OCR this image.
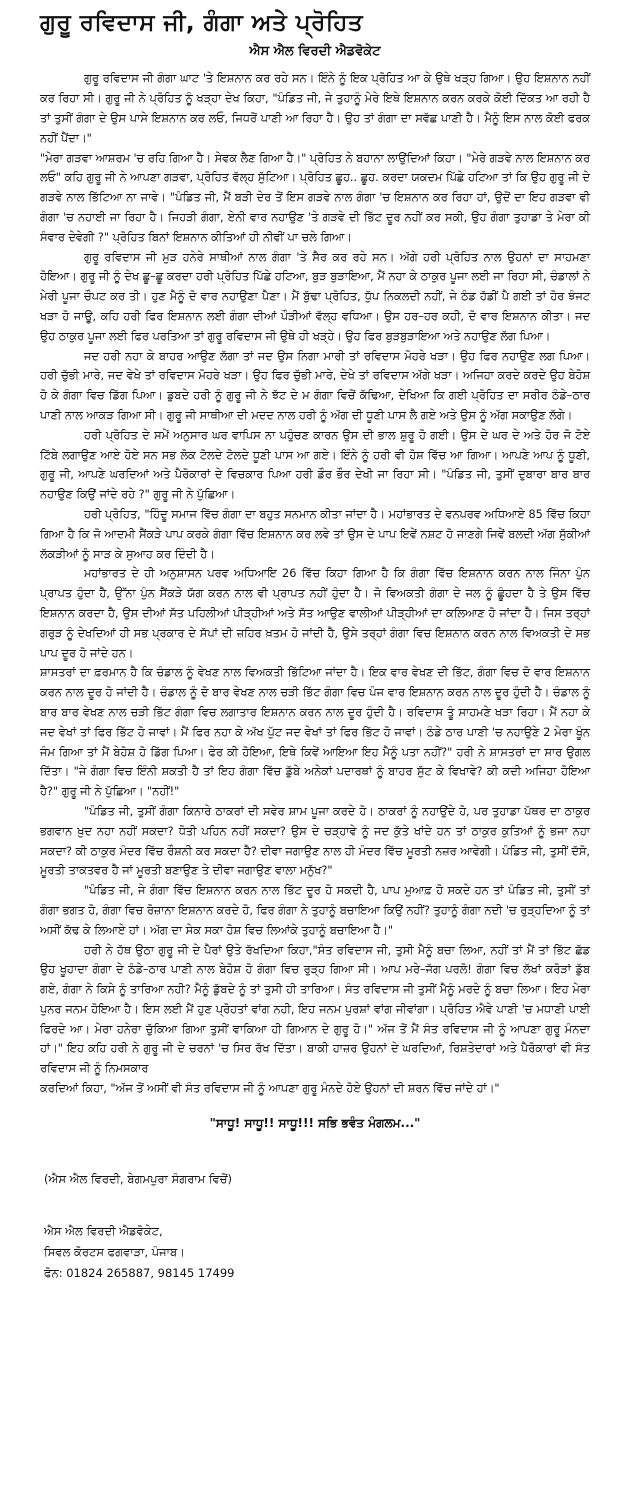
ਗੁਰੂ ਰਵਿਦਾਸ ਜੀ, ਗੰਗਾ ਅਤੇ ਪ੍ਰੋਹਿਤ
ਐਸ ਐਲ ਵਿਰਦੀ ਐਡਵੋਕੇਟ

ਗੁਰੂ ਰਵਿਦਾਸ ਜੀ ਗੰਗਾ ਘਾਟ 'ਤੇ ਇਸ਼ਨਾਨ ਕਰ ਰਹੇ ਸਨ। ਇੰਨੇ ਨੂੰ ਇਕ ਪ੍ਰੋਹਿਤ ਆ ਕੇ ਉਥੇ ਖੜ੍ਹ ਗਿਆ। ਉਹ ਇਸ਼ਨਾਨ ਨਹੀਂ ਕਰ ਰਿਹਾ ਸੀ। ਗੁਰੂ ਜੀ ਨੇ ਪ੍ਰੋਹਿਤ ਨੂੰ ਖੜ੍ਹਾ ਦੇਖ ਕਿਹਾ, "ਪੰਡਿਤ ਜੀ, ਜੇ ਤੁਹਾਨੂੰ ਮੇਰੇ ਇਥੇ ਇਸ਼ਨਾਨ ਕਰਨ ਕਰਕੇ ਕੋਈ ਦਿੱਕਤ ਆ ਰਹੀ ਹੈ ਤਾਂ ਤੁਸੀਂ ਗੰਗਾ ਦੇ ਉਸ ਪਾਸੇ ਇਸ਼ਨਾਨ ਕਰ ਲਓ, ਜਿਧਰੋਂ ਪਾਣੀ ਆ ਰਿਹਾ ਹੈ। ਉਹ ਤਾਂ ਗੰਗਾ ਦਾ ਸਵੱਛ ਪਾਣੀ ਹੈ। ਮੈਨੂੰ ਇਸ ਨਾਲ ਕੋਈ ਫਰਕ ਨਹੀਂ ਪੈਂਦਾ।"

"ਮੇਰਾ ਗੜਵਾ ਆਸ਼ਰਮ 'ਚ ਰਹਿ ਗਿਆ ਹੈ। ਸੇਵਕ ਲੈਣ ਗਿਆ ਹੈ।" ਪ੍ਰੋਹਿਤ ਨੇ ਬਹਾਨਾ ਲਾਉਂਦਿਆਂ ਕਿਹਾ। "ਮੇਰੇ ਗੜਵੇ ਨਾਲ ਇਸ਼ਨਾਨ ਕਰ ਲਓ" ਕਹਿ ਗੁਰੂ ਜੀ ਨੇ ਆਪਣਾ ਗੜਵਾ, ਪ੍ਰੋਹਿਤ ਵੱਲ੍ਹ ਸੁੱਟਿਆ। ਪ੍ਰੋਹਿਤ ਛੂਹ.. ਛੂਹ. ਕਰਦਾ ਯਕਦਮ ਪਿੱਛੇ ਹਟਿਆ ਤਾਂ ਕਿ ਉਹ ਗੁਰੂ ਜੀ ਦੇ ਗੜਵੇ ਨਾਲ ਭਿੱਟਿਆ ਨਾ ਜਾਵੇ। "ਪੰਡਿਤ ਜੀ, ਮੈਂ ਬੜੀ ਦੇਰ ਤੋਂ ਇਸ ਗੜਵੇ ਨਾਲ ਗੰਗਾ 'ਚ ਇਸ਼ਨਾਨ ਕਰ ਰਿਹਾ ਹਾਂ, ਉਦੋਂ ਦਾ ਇਹ ਗੜਵਾ ਵੀ ਗੰਗਾ 'ਚ ਨਹਾਈ ਜਾ ਰਿਹਾ ਹੈ। ਜਿਹੜੀ ਗੰਗਾ, ਏਨੀ ਵਾਰ ਨਹਾਉਣ 'ਤੇ ਗੜਵੇ ਦੀ ਭਿੱਟ ਦੂਰ ਨਹੀਂ ਕਰ ਸਕੀ, ਉਹ ਗੰਗਾ ਤੁਹਾਡਾ ਤੇ ਮੇਰਾ ਕੀ ਸੰਵਾਰ ਦੇਵੇਗੀ ?" ਪ੍ਰੋਹਿਤ ਬਿਨਾਂ ਇਸ਼ਨਾਨ ਕੀਤਿਆਂ ਹੀ ਨੀਵੀਂ ਪਾ ਚਲੇ ਗਿਆ।

ਗੁਰੂ ਰਵਿਦਾਸ ਜੀ ਮੁੜ ਹਨੇਰੇ ਸਾਥੀਆਂ ਨਾਲ ਗੰਗਾ 'ਤੇ ਸੈਰ ਕਰ ਰਹੇ ਸਨ। ਅੱਗੇ ਹਰੀ ਪ੍ਰੋਹਿਤ ਨਾਲ ਉਹਨਾਂ ਦਾ ਸਾਹਮਣਾ ਹੋਇਆ। ਗੁਰੂ ਜੀ ਨੂੰ ਦੇਖ ਛੂ–ਛੂ ਕਰਦਾ ਹਰੀ ਪ੍ਰੋਹਿਤ ਪਿੱਛੇ ਹਟਿਆ, ਬੁੜ ਬੁੜਾਇਆ, ਮੈਂ ਨਹਾ ਕੇ ਠਾਕੁਰ ਪੂਜਾ ਲਈ ਜਾ ਰਿਹਾ ਸੀ, ਚੰਡਾਲਾਂ ਨੇ ਮੇਰੀ ਪੂਜਾ ਚੌਪਟ ਕਰ ਤੀ। ਹੁਣ ਮੈਨੂੰ ਦੋ ਵਾਰ ਨਹਾਉਣਾ ਪੈਣਾ। ਮੈਂ ਬੁੱਢਾ ਪ੍ਰੋਹਿਤ, ਧੁੱਪ ਨਿਕਲਦੀ ਨਹੀਂ, ਜੇ ਠੰਡ ਹੱਡੀਂ ਪੈ ਗਈ ਤਾਂ ਹੋਰ ਝੰਜਟ ਖੜਾ ਹੋ ਜਾਊ, ਕਹਿ ਹਰੀ ਫਿਰ ਇਸ਼ਨਾਨ ਲਈ ਗੰਗਾ ਦੀਆਂ ਪੌੜੀਆਂ ਵੱਲ੍ਹ ਵਧਿਆ। ਉਸ ਹਰ–ਹਰ ਕਹੀ, ਦੋ ਵਾਰ ਇਸ਼ਨਾਨ ਕੀਤਾ। ਜਦ ਉਹ ਠਾਕੁਰ ਪੂਜਾ ਲਈ ਫਿਰ ਪਰਤਿਆ ਤਾਂ ਗੁਰੂ ਰਵਿਦਾਸ ਜੀ ਉਥੇ ਹੀ ਖੜ੍ਹੇ। ਉਹ ਫਿਰ ਬੁੜਬੁੜਾਇਆ ਅਤੇ ਨਹਾਉਣ ਲੱਗ ਪਿਆ।

ਜਦ ਹਰੀ ਨਹਾ ਕੇ ਬਾਹਰ ਆਉਣ ਲੱਗਾ ਤਾਂ ਜਦ ਉਸ ਨਿਗਾ ਮਾਰੀ ਤਾਂ ਰਵਿਦਾਸ ਮੋਹਰੇ ਖੜਾ। ਉਹ ਫਿਰ ਨਹਾਉਣ ਲਗ ਪਿਆ। ਹਰੀ ਚੁੱਭੀ ਮਾਰੇ, ਜਦ ਵੇਖੇ ਤਾਂ ਰਵਿਦਾਸ ਮੋਹਰੇ ਖੜਾ। ਉਹ ਫਿਰ ਚੁੱਭੀ ਮਾਰੇ, ਦੇਖੇ ਤਾਂ ਰਵਿਦਾਸ ਅੱਗੇ ਖੜਾ। ਅਜਿਹਾ ਕਰਦੇ ਕਰਦੇ ਉਹ ਬੇਹੋਸ਼ ਹੋ ਕੇ ਗੰਗਾ ਵਿਚ ਡਿੱਗ ਪਿਆ। ਡੁਬਦੇ ਹਰੀ ਨੂੰ ਗੁਰੂ ਜੀ ਨੇ ਝੱਟ ਦੇ ਮ ਗੰਗਾ ਵਿਚੋਂ ਕੱਢਿਆ, ਦੇਖਿਆ ਕਿ ਗਈ ਪ੍ਰੋਹਿਤ ਦਾ ਸਰੀਰ ਠੰਡੇ–ਠਾਰ ਪਾਣੀ ਨਾਲ ਆਕੜ ਗਿਆ ਸੀ। ਗੁਰੂ ਜੀ ਸਾਥੀਆ ਦੀ ਮਦਦ ਨਾਲ ਹਰੀ ਨੂੰ ਅੱਗ ਦੀ ਧੂਣੀ ਪਾਸ ਲੈ ਗਏ ਅਤੇ ਉਸ ਨੂੰ ਅੱਗ ਸਕਾਉਣ ਲੱਗੇ।

ਹਰੀ ਪ੍ਰੋਹਿਤ ਦੇ ਸਮੇਂ ਅਨੁਸਾਰ ਘਰ ਵਾਪਿਸ ਨਾ ਪਹੁੰਚਣ ਕਾਰਨ ਉਸ ਦੀ ਭਾਲ ਸ਼ੁਰੂ ਹੋ ਗਈ। ਉਸ ਦੇ ਘਰ ਦੇ ਅਤੇ ਹੋਰ ਜੋ ਟੋਏ ਟਿੱਬੇ ਲਗਾਉਣ ਆਏ ਹੋਏ ਸਨ ਸਭ ਲੋਕ ਟੋਲਦੇ ਟੋਲਦੇ ਧੂਣੀ ਪਾਸ ਆ ਗਏ। ਇੰਨੇ ਨੂੰ ਹਰੀ ਵੀ ਹੋਸ਼ ਵਿੱਚ ਆ ਗਿਆ। ਆਪਣੇ ਆਪ ਨੂੰ ਧੂਣੀ, ਗੁਰੂ ਜੀ, ਆਪਣੇ ਘਰਦਿਆਂ ਅਤੇ ਪੈਰੋਕਾਰਾਂ ਦੇ ਵਿਚਕਾਰ ਪਿਆ ਹਰੀ ਡੌਰ ਭੌਰ ਦੇਖੀ ਜਾ ਰਿਹਾ ਸੀ। "ਪੰਡਿਤ ਜੀ, ਤੁਸੀਂ ਦੁਬਾਰਾ ਬਾਰ ਬਾਰ ਨਹਾਉਣ ਕਿਉਂ ਜਾਂਦੇ ਰਹੇ ?" ਗੁਰੂ ਜੀ ਨੇ ਪੁੱਛਿਆ।

ਹਰੀ ਪ੍ਰੋਹਿਤ, "ਹਿੰਦੂ ਸਮਾਜ ਵਿੱਚ ਗੰਗਾ ਦਾ ਬਹੁਤ ਸਨਮਾਨ ਕੀਤਾ ਜਾਂਦਾ ਹੈ। ਮਹਾਂਭਾਰਤ ਦੇ ਵਨਪਰਵ ਅਧਿਆਏ 85 ਵਿੱਚ ਕਿਹਾ ਗਿਆ ਹੈ ਕਿ ਜੋ ਆਦਮੀ ਸੈਂਕੜੇ ਪਾਪ ਕਰਕੇ ਗੰਗਾ ਵਿੱਚ ਇਸ਼ਨਾਨ ਕਰ ਲਵੇ ਤਾਂ ਉਸ ਦੇ ਪਾਪ ਇਵੇਂ ਨਸ਼ਟ ਹੋ ਜਾਣਗੇ ਜਿਵੇਂ ਬਲਦੀ ਅੱਗ ਸੁੱਕੀਆਂ ਲੱਕੜੀਆਂ ਨੂੰ ਸਾੜ ਕੇ ਸੁਆਹ ਕਰ ਦਿੰਦੀ ਹੈ।

ਮਹਾਂਭਾਰਤ ਦੇ ਹੀ ਅਨੁਸ਼ਾਸਨ ਪਰਵ ਅਧਿਆਇ 26 ਵਿੱਚ ਕਿਹਾ ਗਿਆ ਹੈ ਕਿ ਗੰਗਾ ਵਿੱਚ ਇਸ਼ਨਾਨ ਕਰਨ ਨਾਲ ਜਿੰਨਾ ਪੁੰਨ ਪ੍ਰਾਪਤ ਹੁੰਦਾ ਹੈ, ਉੱਨਾ ਪੁੰਨ ਸੈਂਕੜੇ ਯੱਗ ਕਰਨ ਨਾਲ ਵੀ ਪ੍ਰਾਪਤ ਨਹੀਂ ਹੁੰਦਾ ਹੈ। ਜੋ ਵਿਅਕਤੀ ਗੰਗਾ ਦੇ ਜਲ ਨੂੰ ਛੂੰਹਦਾ ਹੈ ਤੇ ਉਸ ਵਿੱਚ ਇਸ਼ਨਾਨ ਕਰਦਾ ਹੈ, ਉਸ ਦੀਆਂ ਸੱਤ ਪਹਿਲੀਆਂ ਪੀੜ੍ਹੀਆਂ ਅਤੇ ਸੱਤ ਆਉਣ ਵਾਲੀਆਂ ਪੀੜ੍ਹੀਆਂ ਦਾ ਕਲਿਆਣ ਹੋ ਜਾਂਦਾ ਹੈ। ਜਿਸ ਤਰ੍ਹਾਂ ਗਰੁੜ ਨੂੰ ਦੇਖਦਿਆਂ ਹੀ ਸਭ ਪ੍ਰਕਾਰ ਦੇ ਸੱਪਾਂ ਦੀ ਜ਼ਹਿਰ ਖ਼ਤਮ ਹੋ ਜਾਂਦੀ ਹੈ, ਉਸੇ ਤਰ੍ਹਾਂ ਗੰਗਾ ਵਿਚ ਇਸ਼ਨਾਨ ਕਰਨ ਨਾਲ ਵਿਅਕਤੀ ਦੇ ਸਭ ਪਾਪ ਦੂਰ ਹੋ ਜਾਂਦੇ ਹਨ।

ਸ਼ਾਸਤਰਾਂ ਦਾ ਫ਼ਰਮਾਨ ਹੈ ਕਿ ਚੰਡਾਲ ਨੂੰ ਵੇਖਣ ਨਾਲ ਵਿਅਕਤੀ ਭਿੱਟਿਆ ਜਾਂਦਾ ਹੈ। ਇਕ ਵਾਰ ਵੇਖਣ ਦੀ ਭਿੱਟ, ਗੰਗਾ ਵਿਚ ਦੋ ਵਾਰ ਇਸ਼ਨਾਨ ਕਰਨ ਨਾਲ ਦੂਰ ਹੋ ਜਾਂਦੀ ਹੈ। ਚੰਡਾਲ ਨੂੰ ਦੋ ਬਾਰ ਵੇਖਣ ਨਾਲ ਚੜੀ ਭਿੱਟ ਗੰਗਾ ਵਿਚ ਪੰਜ ਵਾਰ ਇਸ਼ਨਾਨ ਕਰਨ ਨਾਲ ਦੂਰ ਹੁੰਦੀ ਹੈ। ਚੰਡਾਲ ਨੂੰ ਬਾਰ ਬਾਰ ਵੇਖਣ ਨਾਲ ਚੜੀ ਭਿੱਟ ਗੰਗਾ ਵਿਚ ਲਗਾਤਾਰ ਇਸ਼ਨਾਨ ਕਰਨ ਨਾਲ ਦੂਰ ਹੁੰਦੀ ਹੈ। ਰਵਿਦਾਸ ਤੂੰ ਸਾਹਮਣੇ ਖੜਾ ਰਿਹਾ। ਮੈਂ ਨਹਾ ਕੇ ਜਦ ਵੇਖਾਂ ਤਾਂ ਫਿਰ ਭਿੱਟ ਹੋ ਜਾਵਾਂ। ਮੈਂ ਫਿਰ ਨਹਾ ਕੇ ਅੱਖ ਪੁੱਟ ਜਦ ਵੇਖਾਂ ਤਾਂ ਫਿਰ ਭਿੱਟ ਹੋ ਜਾਵਾਂ। ਠੰਡੇ ਠਾਰ ਪਾਣੀ 'ਚ ਨਹਾਉਣੇ 2 ਮੇਰਾ ਖੂੰਨ ਜੰਮ ਗਿਆ ਤਾਂ ਮੈਂ ਬੇਹੋਸ਼ ਹੋ ਡਿੱਗ ਪਿਆ। ਫੇਰ ਕੀ ਹੋਇਆ, ਇਥੇ ਕਿਵੇਂ ਆਇਆ ਇਹ ਮੈਨੂੰ ਪਤਾ ਨਹੀਂ?" ਹਰੀ ਨੇ ਸ਼ਾਸਤਰਾਂ ਦਾ ਸਾਰ ਉਗਲ ਦਿੱਤਾ। "ਜੇ ਗੰਗਾ ਵਿਚ ਇੰਨੀ ਸ਼ਕਤੀ ਹੈ ਤਾਂ ਇਹ ਗੰਗਾ ਵਿੱਚ ਡੁੱਬੇ ਅਨੇਕਾਂ ਪਦਾਰਥਾਂ ਨੂੰ ਬਾਹਰ ਸੁੱਟ ਕੇ ਵਿਖਾਵੇ? ਕੀ ਕਦੀ ਅਜਿਹਾ ਹੋਇਆ ਹੈ?" ਗੁਰੂ ਜੀ ਨੇ ਪੁੱਛਿਆ। "ਨਹੀਂ!"

"ਪੰਡਿਤ ਜੀ, ਤੁਸੀਂ ਗੰਗਾ ਕਿਨਾਰੇ ਠਾਕਰਾਂ ਦੀ ਸਵੇਰ ਸ਼ਾਮ ਪੂਜਾ ਕਰਦੇ ਹੋ। ਠਾਕਰਾਂ ਨੂੰ ਨਹਾਉਂਦੇ ਹੋ, ਪਰ ਤੁਹਾਡਾ ਪੱਥਰ ਦਾ ਠਾਕੁਰ ਭਗਵਾਨ ਖ਼ੁਦ ਨਹਾ ਨਹੀਂ ਸਕਦਾ? ਧੋਤੀ ਪਹਿਨ ਨਹੀਂ ਸਕਦਾ? ਉਸ ਦੇ ਚੜ੍ਹਾਵੇ ਨੂੰ ਜਦ ਕੁੱਤੇ ਖਾਂਦੇ ਹਨ ਤਾਂ ਠਾਕੁਰ ਕੁਤਿਆਂ ਨੂੰ ਭਜਾ ਨਹਾ ਸਕਦਾ? ਕੀ ਠਾਕੁਰ ਮੰਦਰ ਵਿੱਚ ਰੌਸ਼ਨੀ ਕਰ ਸਕਦਾ ਹੈ? ਦੀਵਾ ਜਗਾਉਣ ਨਾਲ ਹੀ ਮੰਦਰ ਵਿੱਚ ਮੂਰਤੀ ਨਜ਼ਰ ਆਵੇਗੀ। ਪੰਡਿਤ ਜੀ, ਤੁਸੀਂ ਦੱਸੋ, ਮੂਰਤੀ ਤਾਕਤਵਰ ਹੈ ਜਾਂ ਮੂਰਤੀ ਬਣਾਉਣ ਤੇ ਦੀਵਾ ਜਗਾਉਣ ਵਾਲਾ ਮਨੁੱਖ?"

"ਪੰਡਿਤ ਜੀ, ਜੇ ਗੰਗਾ ਵਿੱਚ ਇਸ਼ਨਾਨ ਕਰਨ ਨਾਲ ਭਿੱਟ ਦੂਰ ਹੋ ਸਕਦੀ ਹੈ, ਪਾਪ ਮੁਆਫ਼ ਹੋ ਸਕਦੇ ਹਨ ਤਾਂ ਪੰਡਿਤ ਜੀ, ਤੁਸੀਂ ਤਾਂ ਗੰਗਾ ਭਗਤ ਹੋ, ਗੰਗਾ ਵਿਚ ਰੋਜ਼ਾਨਾ ਇਸ਼ਨਾਨ ਕਰਦੇ ਹੋ, ਫਿਰ ਗੰਗਾ ਨੇ ਤੁਹਾਨੂੰ ਬਚਾਇਆ ਕਿਉਂ ਨਹੀਂ? ਤੁਹਾਨੂੰ ਗੰਗਾ ਨਦੀ 'ਚ ਰੁੜ੍ਹਦਿਆ ਨੂੰ ਤਾਂ ਅਸੀਂ ਕੱਢ ਕੇ ਲਿਆਏ ਹਾਂ। ਅੱਗ ਦਾ ਸੇਕ ਸਕਾ ਹੋਸ਼ ਵਿਚ ਲਿਆਂਕੇ ਤੁਹਾਨੂੰ ਬਚਾਇਆ ਹੈ।"

ਹਰੀ ਨੇ ਹੱਥ ਉਠਾ ਗੁਰੂ ਜੀ ਦੇ ਪੈਰਾਂ ਉਤੇ ਰੱਖਦਿਆ ਕਿਹਾ,"ਸੰਤ ਰਵਿਦਾਸ ਜੀ, ਤੁਸੀ ਮੈਨੂੰ ਬਚਾ ਲਿਆ, ਨਹੀਂ ਤਾਂ ਮੈਂ ਤਾਂ ਭਿੱਟ ਛੱਡ ਉਹ ਖੂਹਾਦਾ ਗੰਗਾ ਦੇ ਠੰਡੇ–ਠਾਰ ਪਾਣੀ ਨਾਲ ਬੇਹੋਸ਼ ਹੋ ਗੰਗਾ ਵਿਚ ਰੁੜ੍ਹ ਗਿਆ ਸੀ। ਆਪ ਮਰੇ–ਜੱਗ ਪਰਲੋ! ਗੰਗਾ ਵਿਚ ਲੱਖਾਂ ਕਰੋੜਾਂ ਡੁੱਬ ਗਏ, ਗੰਗਾ ਨੇ ਕਿਸੇ ਨੂੰ ਤਾਰਿਆ ਨਹੀ? ਮੈਨੂੰ ਡੁੱਬਦੇ ਨੂੰ ਤਾਂ ਤੁਸੀ ਹੀ ਤਾਰਿਆ। ਸੰਤ ਰਵਿਦਾਸ ਜੀ ਤੁਸੀਂ ਮੈਨੂੰ ਮਰਦੇ ਨੂੰ ਬਚਾ ਲਿਆ। ਇਹ ਮੇਰਾ ਪੁਨਰ ਜਨਮ ਹੋਇਆ ਹੈ। ਇਸ ਲਈ ਮੈਂ ਹੁਣ ਪ੍ਰੋਹਤਾਂ ਵਾਂਗ ਨਹੀ, ਇਹ ਜਨਮ ਪੁਰਸ਼ਾਂ ਵਾਂਗ ਜੀਵਾਂਗਾ। ਪ੍ਰੋਹਿਤ ਐਵੇ ਪਾਣੀ 'ਚ ਮਧਾਣੀ ਪਾਈ ਫਿਰਦੇ ਆ। ਮੇਰਾ ਹਨੇਰਾ ਚੁੱਕਿਆ ਗਿਆ ਤੁਸੀਂ ਵਾਕਿਆ ਹੀ ਗਿਆਨ ਦੇ ਗੁਰੂ ਹੋ।" ਅੱਜ ਤੋਂ ਮੈਂ ਸੰਤ ਰਵਿਦਾਸ ਜੀ ਨੂੰ ਆਪਣਾ ਗੁਰੂ ਮੰਨਦਾ ਹਾਂ।" ਇਹ ਕਹਿ ਹਰੀ ਨੇ ਗੁਰੂ ਜੀ ਦੇ ਚਰਨਾਂ 'ਚ ਸਿਰ ਰੱਖ ਦਿੱਤਾ। ਬਾਕੀ ਹਾਜ਼ਰ ਉਹਨਾਂ ਦੇ ਘਰਦਿਆਂ, ਰਿਸ਼ਤੇਦਾਰਾਂ ਅਤੇ ਪੈਰੋਕਾਰਾਂ ਵੀ ਸੰਤ ਰਵਿਦਾਸ ਜੀ ਨੂੰ ਨਿਮਸਕਾਰ

ਕਰਦਿਆਂ ਕਿਹਾ, "ਅੱਜ ਤੋਂ ਅਸੀਂ ਵੀ ਸੰਤ ਰਵਿਦਾਸ ਜੀ ਨੂੰ ਆਪਣਾ ਗੁਰੂ ਮੰਨਦੇ ਹੋਏ ਉਹਨਾਂ ਦੀ ਸ਼ਰਨ ਵਿੱਚ ਜਾਂਦੇ ਹਾਂ।"

"ਸਾਧੂ! ਸਾਧੂ!! ਸਾਧੂ!!! ਸਭਿ ਭਵੰਤ ਮੰਗਲਮ..."
(ਐਸ ਐਲ ਵਿਰਦੀ, ਬੇਗਮਪੁਰਾ ਸੰਗਰਾਮ ਵਿਚੋਂ)
ਐਸ ਐਲ ਵਿਰਦੀ ਐਡਵੋਕੇਟ,
ਸਿਵਲ ਕੋਰਟਸ ਫਗਵਾੜਾ, ਪੰਜਾਬ।
ਫੋਨ: 01824 265887, 98145 17499
